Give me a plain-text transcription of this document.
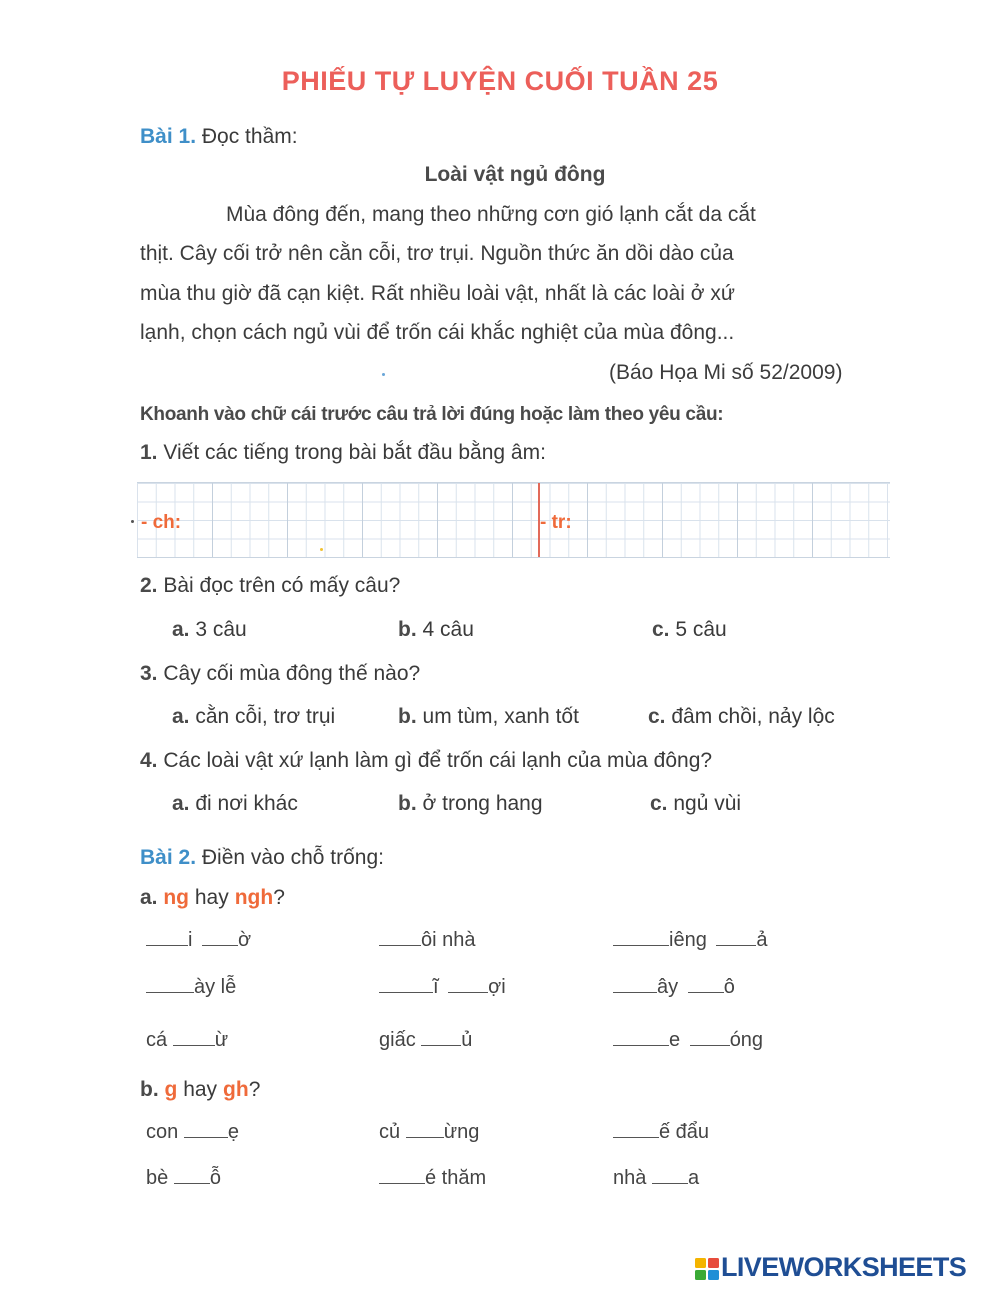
PHIẾU TỰ LUYỆN CUỐI TUẦN 25
Bài 1. Đọc thầm:
Loài vật ngủ đông
Mùa đông đến, mang theo những cơn gió lạnh cắt da cắt
thịt. Cây cối trở nên cằn cỗi, trơ trụi. Nguồn thức ăn dồi dào của
mùa thu giờ đã cạn kiệt. Rất nhiều loài vật, nhất là các loài ở xứ
lạnh, chọn cách ngủ vùi để trốn cái khắc nghiệt của mùa đông...
(Báo Họa Mi số 52/2009)
Khoanh vào chữ cái trước câu trả lời đúng hoặc làm theo yêu cầu:
1. Viết các tiếng trong bài bắt đầu bằng âm:
- ch:	- tr:
2. Bài đọc trên có mấy câu?
a. 3 câu	b. 4 câu	c. 5 câu
3. Cây cối mùa đông thế nào?
a. cằn cỗi, trơ trụi	b. um tùm, xanh tốt	c. đâm chồi, nảy lộc
4. Các loài vật xứ lạnh làm gì để trốn cái lạnh của mùa đông?
a. đi nơi khác	b. ở trong hang	c. ngủ vùi
Bài 2. Điền vào chỗ trống:
a. ng hay ngh?
i ờ	ôi nhà	iêng ả
ày lễ	ĩ ợi	ây ô
cá ừ	giấc ủ	e óng
b. g hay gh?
con ẹ	củ ừng	ế đẩu
bè ỗ	é thăm	nhà a
LIVEWORKSHEETS
